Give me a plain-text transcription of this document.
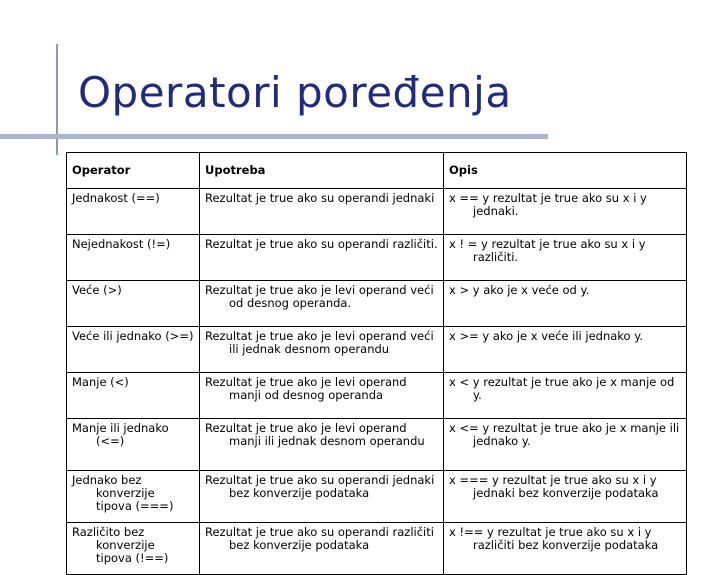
Operatori poređenja
Operator	Upotreba	Opis

Jednakost (==)	Rezultat je true ako su operandi jednaki	x == y rezultat je true ako su x i y jednaki.

Nejednakost (!=)	Rezultat je true ako su operandi različiti.	x ! = y rezultat je true ako su x i y različiti.

Veće (>)	Rezultat je true ako je levi operand veći od desnog operanda.	x > y ako je x veće od y.

Veće ili jednako (>=)	Rezultat je true ako je levi operand veći ili jednak desnom operandu	x >= y ako je x veće ili jednako y.

Manje (<)	Rezultat je true ako je levi operand manji od desnog operanda	x < y rezultat je true ako je x manje od y.

Manje ili jednako (<=)	Rezultat je true ako je levi operand manji ili jednak desnom operandu	x <= y rezultat je true ako je x manje ili jednako y.

Jednako bez konverzije tipova (===)	Rezultat je true ako su operandi jednaki bez konverzije podataka	x === y rezultat je true ako su x i y jednaki bez konverzije podataka

Različito bez konverzije tipova (!==)	Rezultat je true ako su operandi različiti bez konverzije podataka	x !== y rezultat je true ako su x i y različiti bez konverzije podataka
